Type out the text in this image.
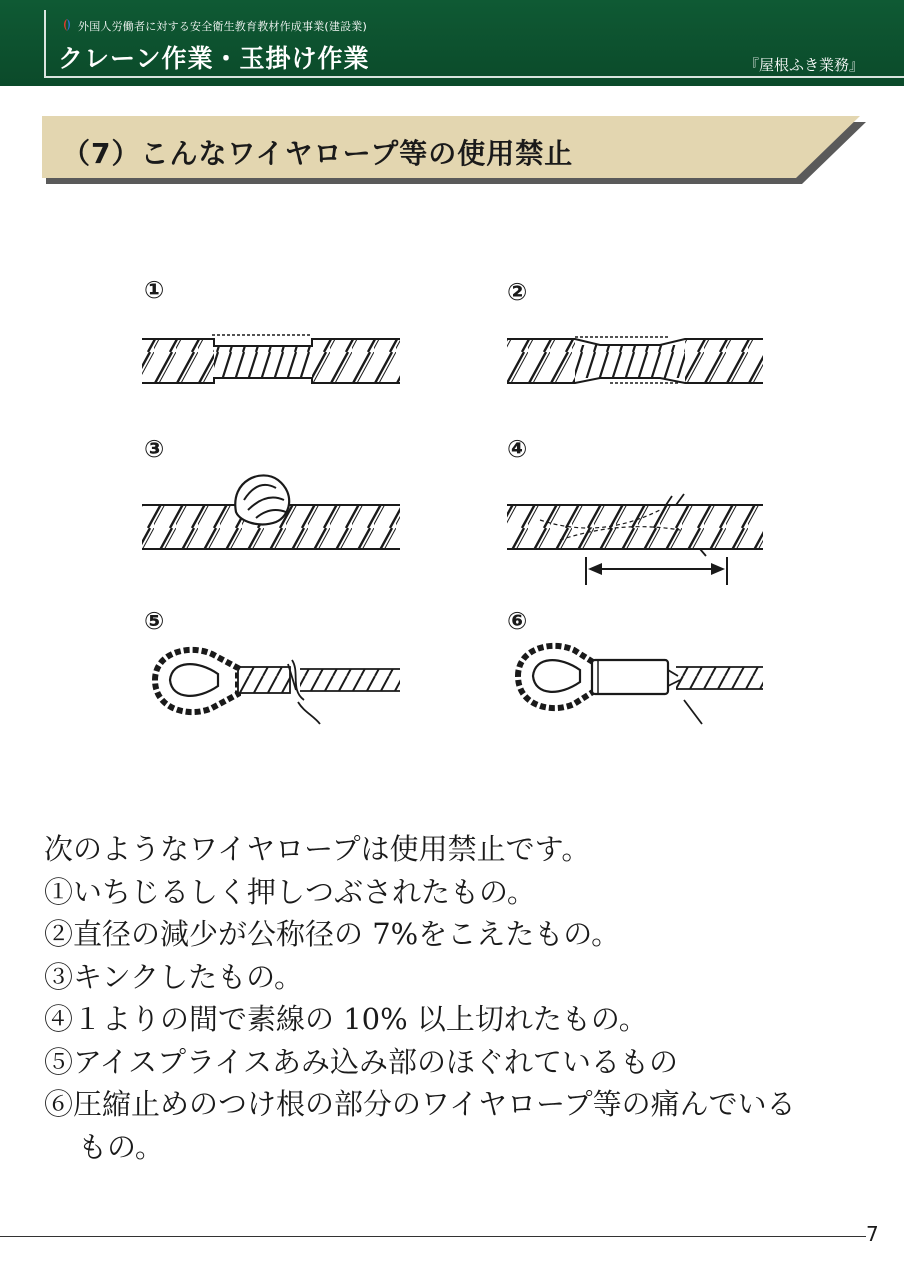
外国人労働者に対する安全衛生教育教材作成事業(建設業)
クレーン作業・玉掛け作業	『屋根ふき業務』
（7）こんなワイヤロープ等の使用禁止
①	②
③	④
⑤	⑥
次のようなワイヤロープは使用禁止です。
①いちじるしく押しつぶされたもの。
②直径の減少が公称径の 7%をこえたもの。
③キンクしたもの。
④１よりの間で素線の 10% 以上切れたもの。
⑤アイスプライスあみ込み部のほぐれているもの
⑥圧縮止めのつけ根の部分のワイヤロープ等の痛んでいる
もの。
7
